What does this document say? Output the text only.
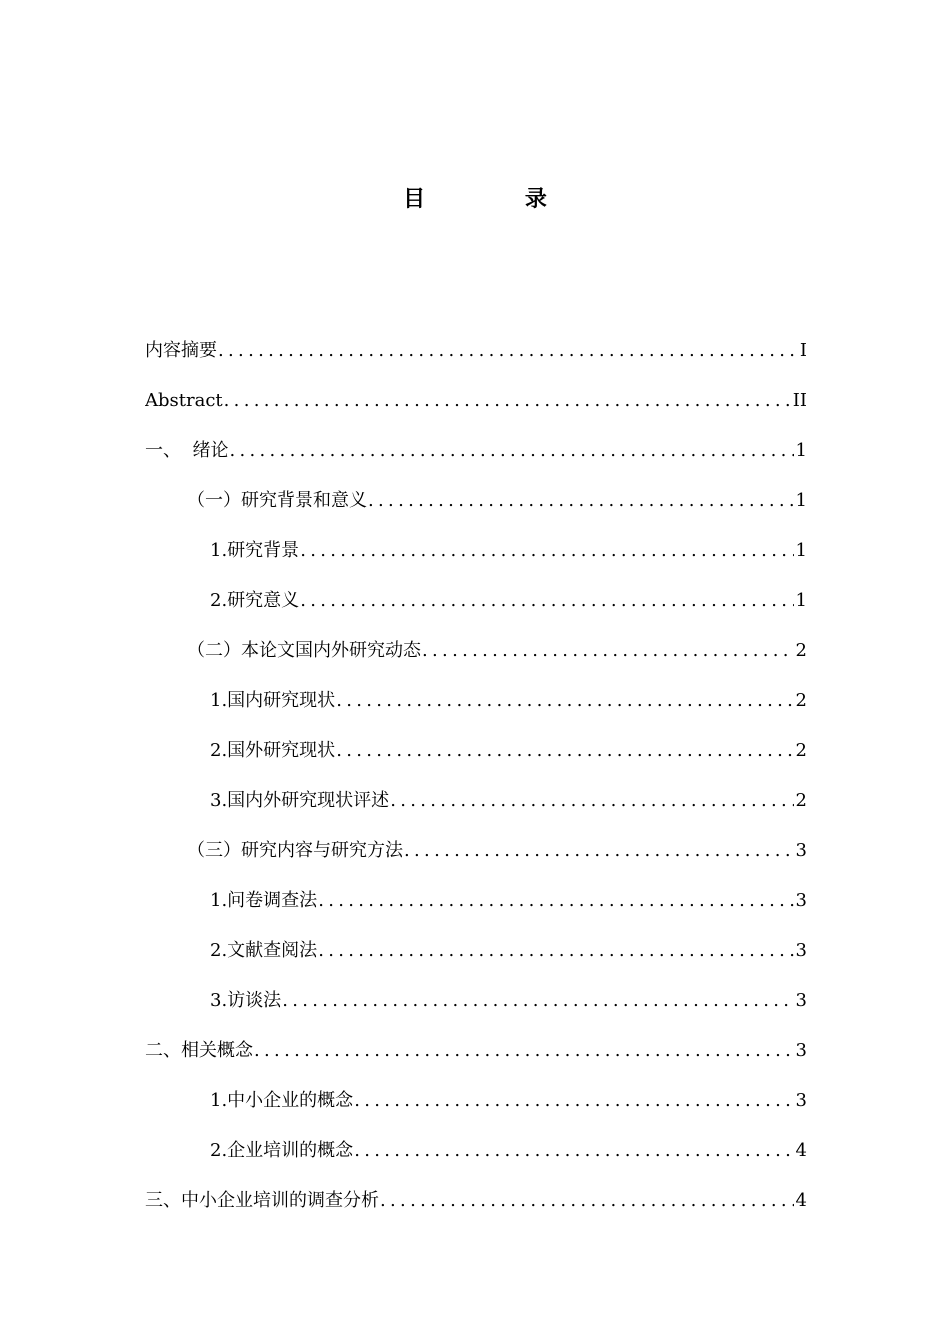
目 录
内容摘要 .....	I
Abstract .....	II
一、  绪论 .....	1
（一）研究背景和意义 .....	1
1.研究背景 .....	1
2.研究意义 .....	1
（二）本论文国内外研究动态 .....	2
1.国内研究现状 .....	2
2.国外研究现状 .....	2
3.国内外研究现状评述 .....	2
（三）研究内容与研究方法 .....	3
1.问卷调查法 .....	3
2.文献查阅法 .....	3
3.访谈法 .....	3
二、相关概念 .....	3
1.中小企业的概念 .....	3
2.企业培训的概念 .....	4
三、中小企业培训的调查分析 .....	4
